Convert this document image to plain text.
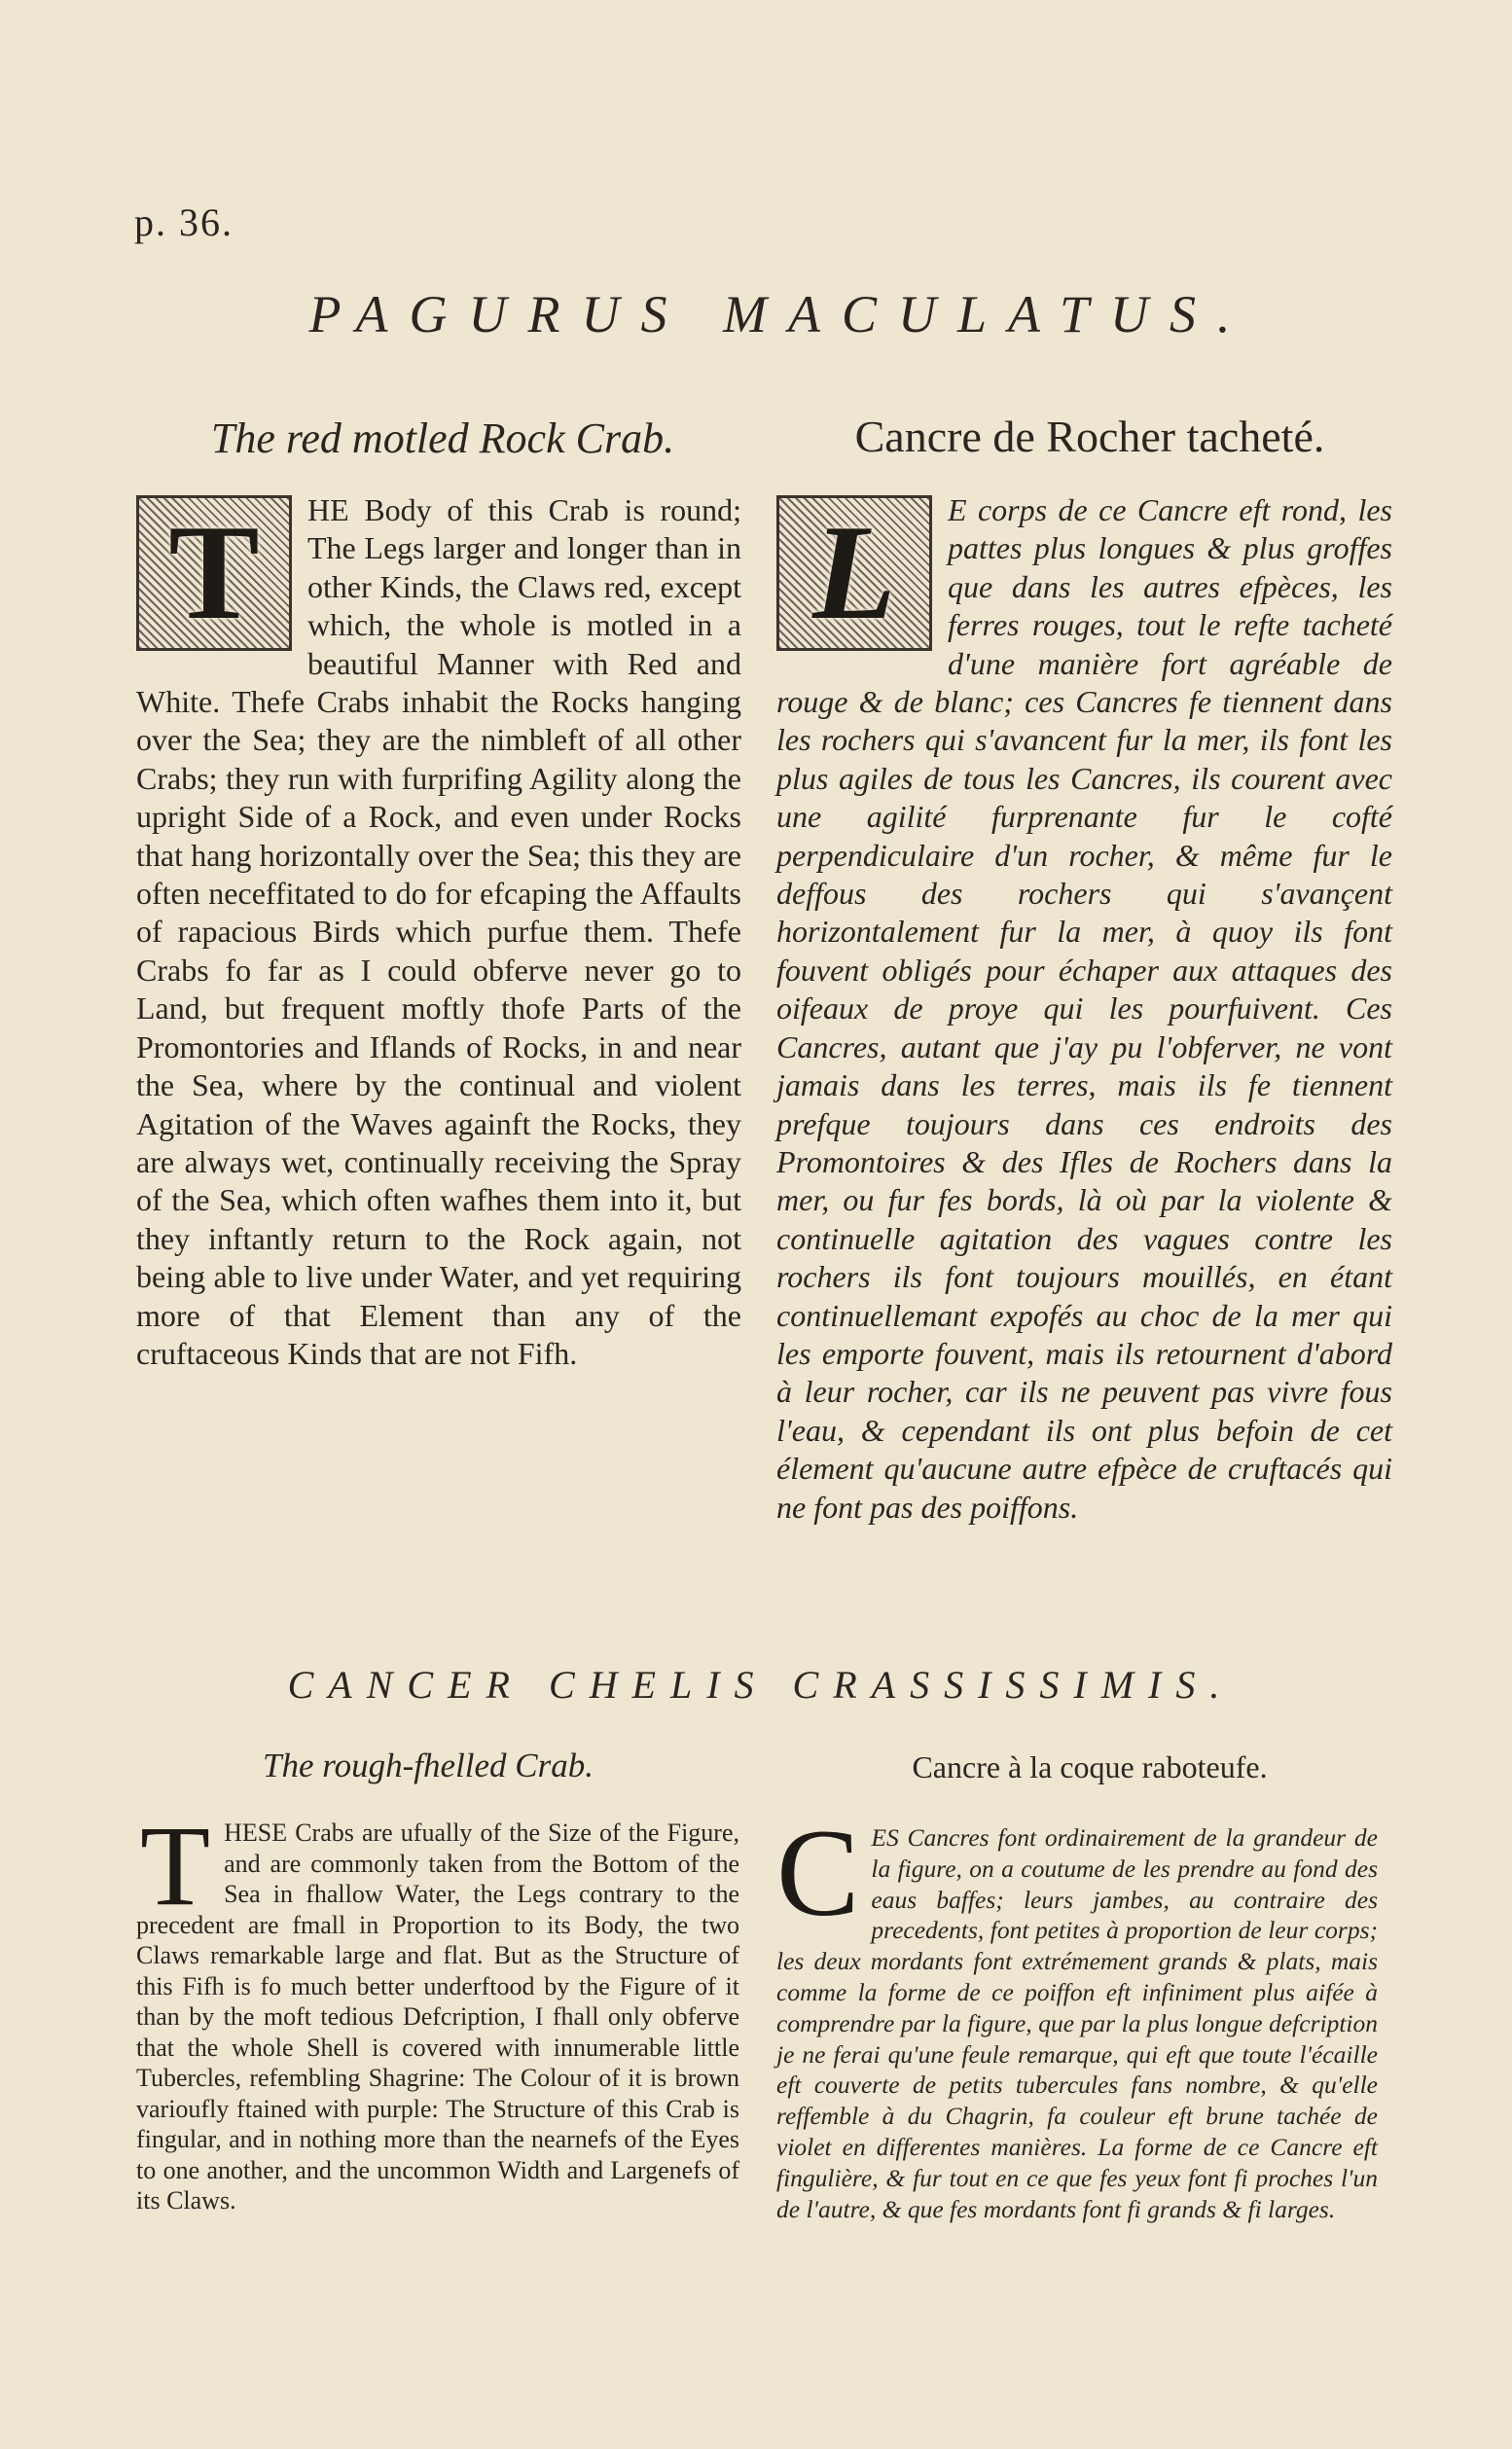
p. 36.
PAGURUS MACULATUS.
The red motled Rock Crab.	Cancre de Rocher tacheté.
T HE Body of this Crab is round; The Legs larger and longer than in other Kinds, the Claws red, except which, the whole is motled in a beautiful Manner with Red and White. Thefe Crabs inhabit the Rocks hanging over the Sea; they are the nimbleft of all other Crabs; they run with furprifing Agility along the upright Side of a Rock, and even under Rocks that hang horizontally over the Sea; this they are often neceffitated to do for efcaping the Affaults of rapacious Birds which purfue them. Thefe Crabs fo far as I could obferve never go to Land, but frequent moftly thofe Parts of the Promontories and Iflands of Rocks, in and near the Sea, where by the continual and violent Agitation of the Waves againft the Rocks, they are always wet, continually receiving the Spray of the Sea, which often wafhes them into it, but they inftantly return to the Rock again, not being able to live under Water, and yet requiring more of that Element than any of the cruftaceous Kinds that are not Fifh.
L E corps de ce Cancre eft rond, les pattes plus longues & plus groffes que dans les autres efpèces, les ferres rouges, tout le refte tacheté d'une manière fort agréable de rouge & de blanc; ces Cancres fe tiennent dans les rochers qui s'avancent fur la mer, ils font les plus agiles de tous les Cancres, ils courent avec une agilité furprenante fur le cofté perpendiculaire d'un rocher, & même fur le deffous des rochers qui s'avançent horizontalement fur la mer, à quoy ils font fouvent obligés pour échaper aux attaques des oifeaux de proye qui les pourfuivent. Ces Cancres, autant que j'ay pu l'obferver, ne vont jamais dans les terres, mais ils fe tiennent prefque toujours dans ces endroits des Promontoires & des Ifles de Rochers dans la mer, ou fur fes bords, là où par la violente & continuelle agitation des vagues contre les rochers ils font toujours mouillés, en étant continuellemant expofés au choc de la mer qui les emporte fouvent, mais ils retournent d'abord à leur rocher, car ils ne peuvent pas vivre fous l'eau, & cependant ils ont plus befoin de cet élement qu'aucune autre efpèce de cruftacés qui ne font pas des poiffons.
CANCER CHELIS CRASSISSIMIS.
The rough-fhelled Crab.	Cancre à la coque raboteufe.
T HESE Crabs are ufually of the Size of the Figure, and are commonly taken from the Bottom of the Sea in fhallow Water, the Legs contrary to the precedent are fmall in Proportion to its Body, the two Claws remarkable large and flat. But as the Structure of this Fifh is fo much better underftood by the Figure of it than by the moft tedious Defcription, I fhall only obferve that the whole Shell is covered with innumerable little Tubercles, refembling Shagrine: The Colour of it is brown varioufly ftained with purple: The Structure of this Crab is fingular, and in nothing more than the nearnefs of the Eyes to one another, and the uncommon Width and Largenefs of its Claws.
C ES Cancres font ordinairement de la grandeur de la figure, on a coutume de les prendre au fond des eaus baffes; leurs jambes, au contraire des precedents, font petites à proportion de leur corps; les deux mordants font extrémement grands & plats, mais comme la forme de ce poiffon eft infiniment plus aifée à comprendre par la figure, que par la plus longue defcription je ne ferai qu'une feule remarque, qui eft que toute l'écaille eft couverte de petits tubercules fans nombre, & qu'elle reffemble à du Chagrin, fa couleur eft brune tachée de violet en differentes manières. La forme de ce Cancre eft fingulière, & fur tout en ce que fes yeux font fi proches l'un de l'autre, & que fes mordants font fi grands & fi larges.
